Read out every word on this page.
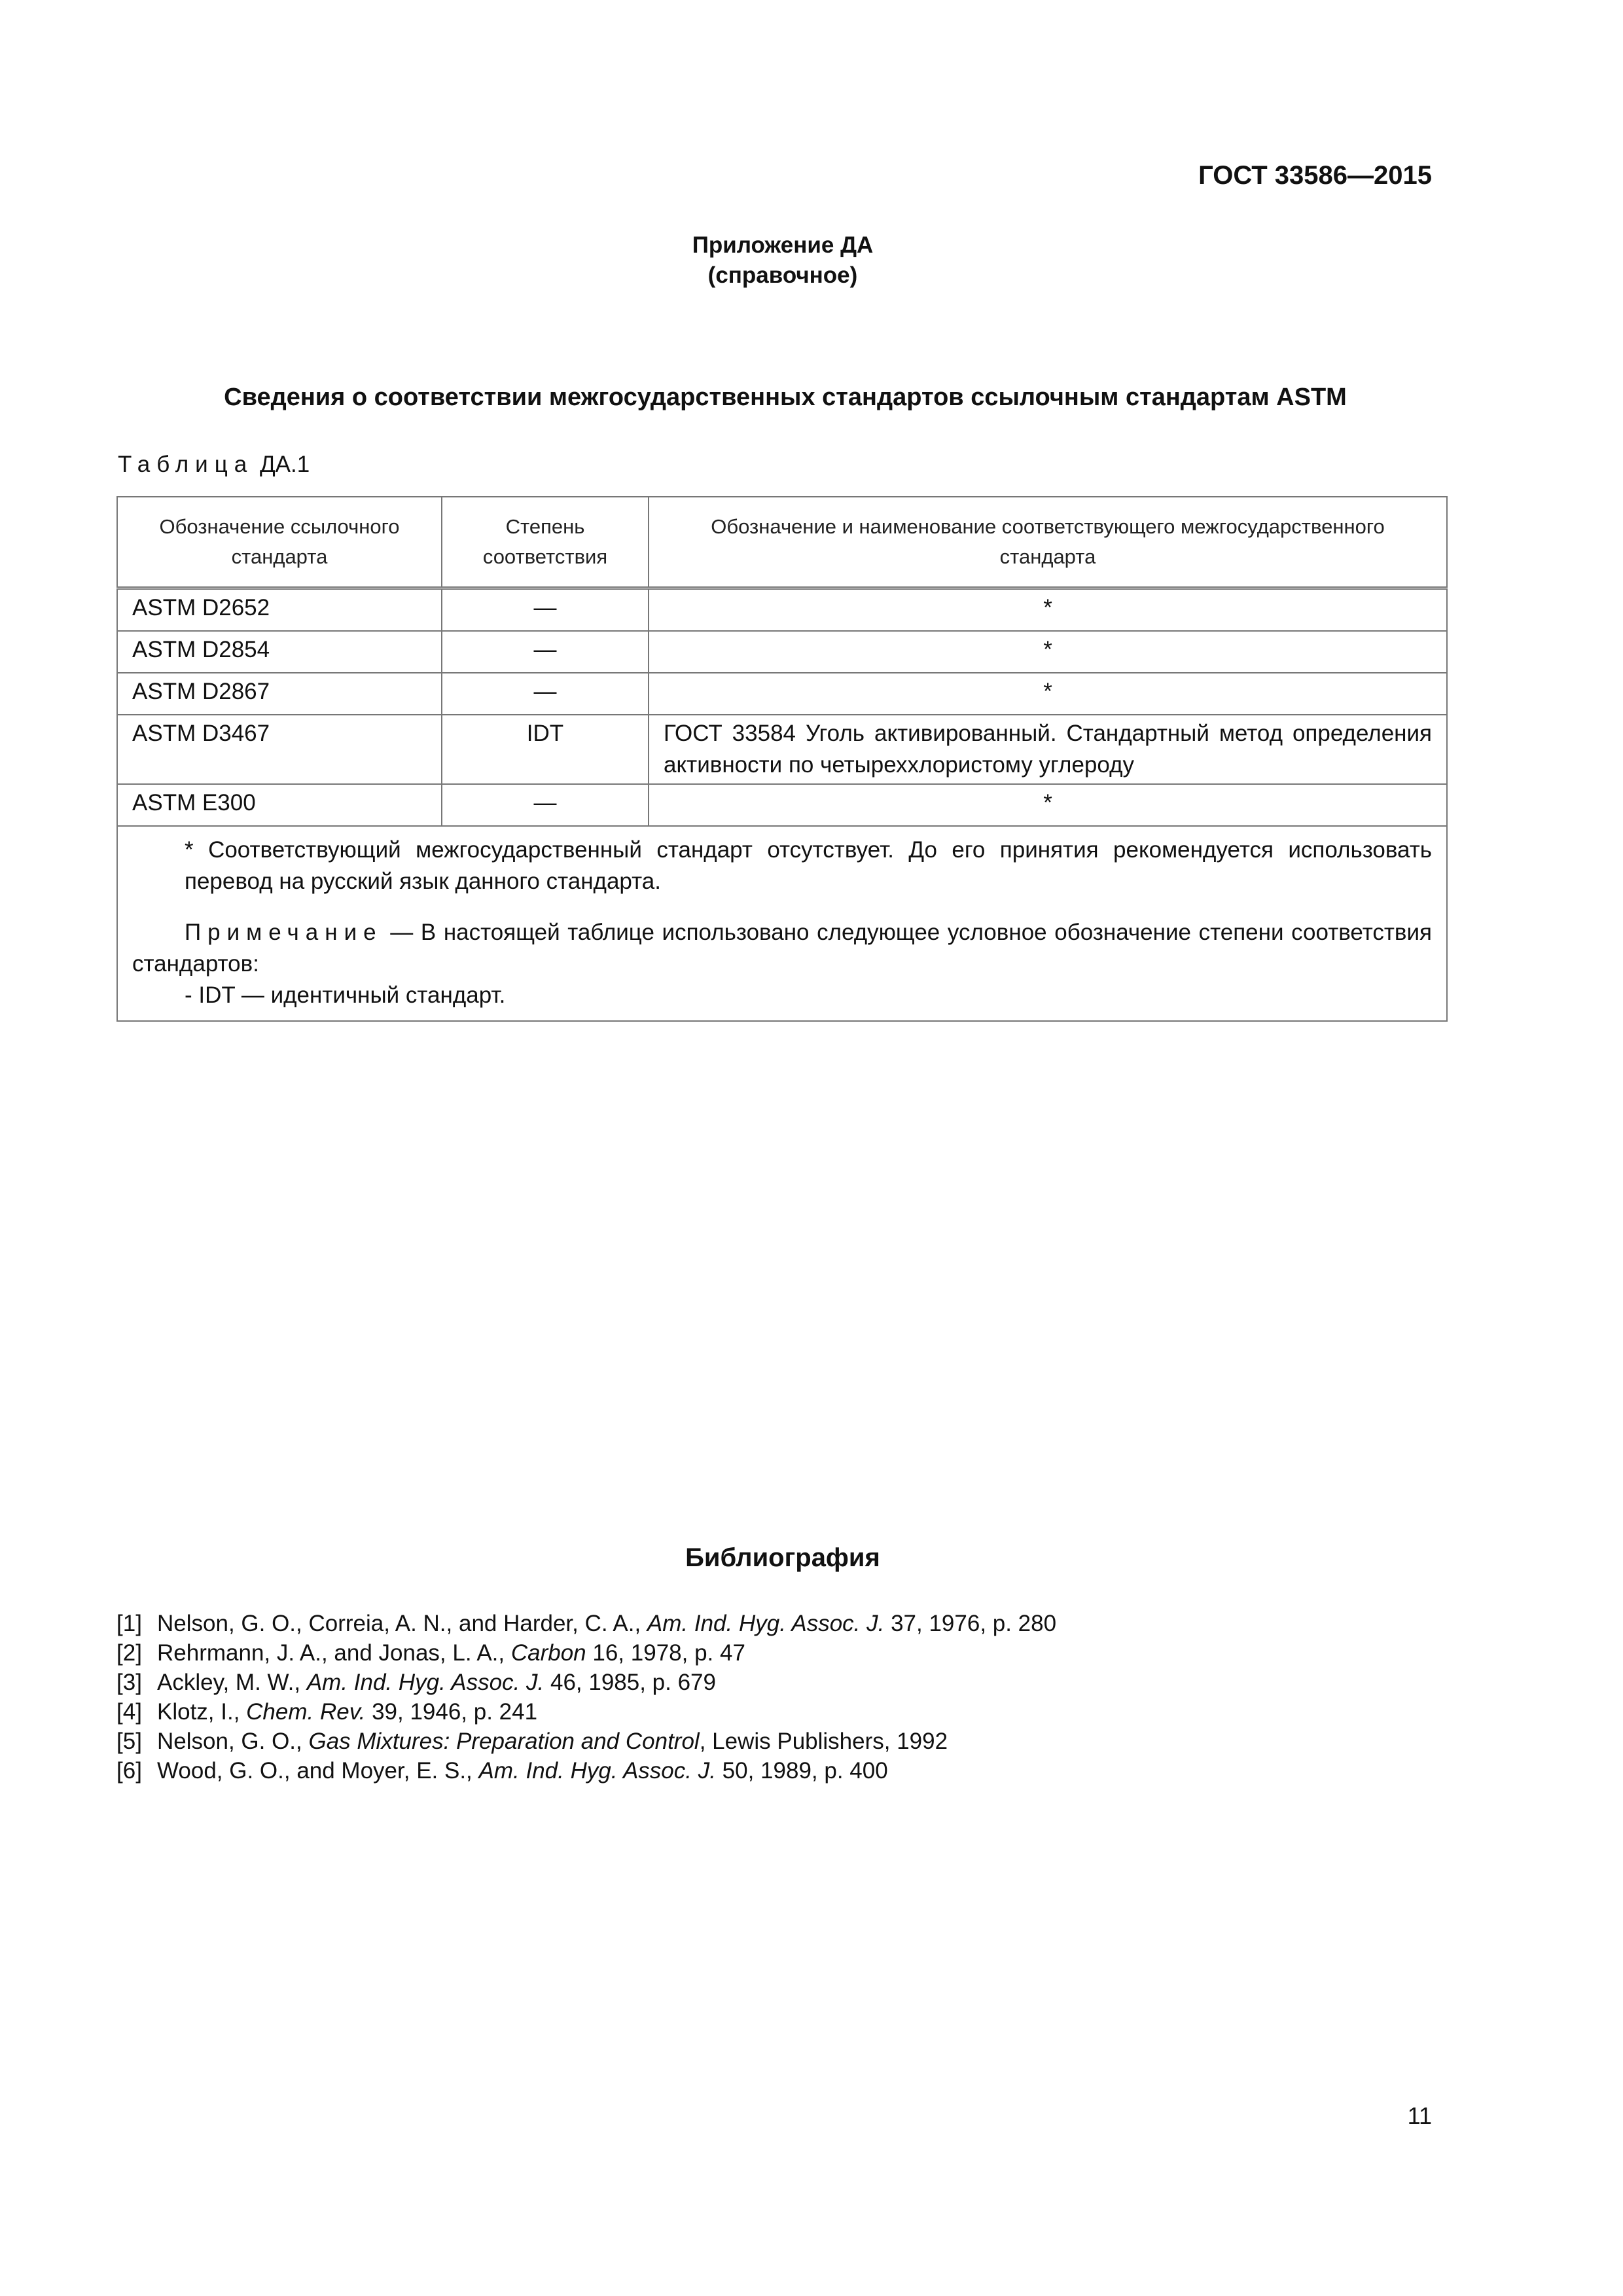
ГОСТ 33586—2015

Приложение ДА
(справочное)
Сведения о соответствии межгосударственных стандартов ссылочным стандартам ASTM
Таблица ДА.1
Обозначение ссылочного стандарта	Степень соответствия	Обозначение и наименование соответствующего межгосударственного стандарта
ASTM D2652	—	*
ASTM D2854	—	*
ASTM D2867	—	*
ASTM D3467	IDT	ГОСТ 33584 Уголь активированный. Стандартный метод определения активности по четыреххлористому углероду
ASTM E300	—	*

* Соответствующий межгосударственный стандарт отсутствует. До его принятия рекомендуется использовать перевод на русский язык данного стандарта.

Примечание — В настоящей таблице использовано следующее условное обозначение степени соответствия стандартов:

- IDT — идентичный стандарт.		

Библиография
[1] Nelson, G. O., Correia, A. N., and Harder, C. A., Am. Ind. Hyg. Assoc. J. 37, 1976, p. 280
[2] Rehrmann, J. A., and Jonas, L. A., Carbon 16, 1978, p. 47
[3] Ackley, M. W., Am. Ind. Hyg. Assoc. J. 46, 1985, p. 679
[4] Klotz, I., Chem. Rev. 39, 1946, p. 241
[5] Nelson, G. O., Gas Mixtures: Preparation and Control, Lewis Publishers, 1992
[6] Wood, G. O., and Moyer, E. S., Am. Ind. Hyg. Assoc. J. 50, 1989, p. 400
11
